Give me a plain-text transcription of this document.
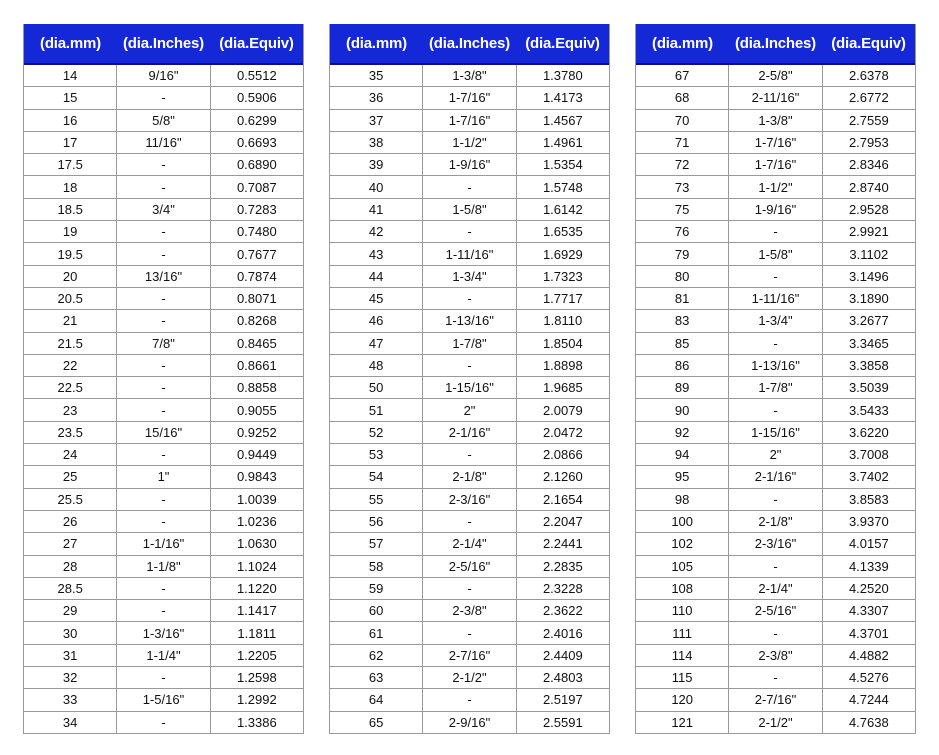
(dia.mm)	(dia.Inches)	(dia.Equiv)
14	9/16"	0.5512
15	-	0.5906
16	5/8"	0.6299
17	11/16"	0.6693
17.5	-	0.6890
18	-	0.7087
18.5	3/4"	0.7283
19	-	0.7480
19.5	-	0.7677
20	13/16"	0.7874
20.5	-	0.8071
21	-	0.8268
21.5	7/8"	0.8465
22	-	0.8661
22.5	-	0.8858
23	-	0.9055
23.5	15/16"	0.9252
24	-	0.9449
25	1"	0.9843
25.5	-	1.0039
26	-	1.0236
27	1-1/16"	1.0630
28	1-1/8"	1.1024
28.5	-	1.1220
29	-	1.1417
30	1-3/16"	1.1811
31	1-1/4"	1.2205
32	-	1.2598
33	1-5/16"	1.2992
34	-	1.3386
(dia.mm)	(dia.Inches)	(dia.Equiv)
35	1-3/8"	1.3780
36	1-7/16"	1.4173
37	1-7/16"	1.4567
38	1-1/2"	1.4961
39	1-9/16"	1.5354
40	-	1.5748
41	1-5/8"	1.6142
42	-	1.6535
43	1-11/16"	1.6929
44	1-3/4"	1.7323
45	-	1.7717
46	1-13/16"	1.8110
47	1-7/8"	1.8504
48	-	1.8898
50	1-15/16"	1.9685
51	2"	2.0079
52	2-1/16"	2.0472
53	-	2.0866
54	2-1/8"	2.1260
55	2-3/16"	2.1654
56	-	2.2047
57	2-1/4"	2.2441
58	2-5/16"	2.2835
59	-	2.3228
60	2-3/8"	2.3622
61	-	2.4016
62	2-7/16"	2.4409
63	2-1/2"	2.4803
64	-	2.5197
65	2-9/16"	2.5591
(dia.mm)	(dia.Inches)	(dia.Equiv)
67	2-5/8"	2.6378
68	2-11/16"	2.6772
70	1-3/8"	2.7559
71	1-7/16"	2.7953
72	1-7/16"	2.8346
73	1-1/2"	2.8740
75	1-9/16"	2.9528
76	-	2.9921
79	1-5/8"	3.1102
80	-	3.1496
81	1-11/16"	3.1890
83	1-3/4"	3.2677
85	-	3.3465
86	1-13/16"	3.3858
89	1-7/8"	3.5039
90	-	3.5433
92	1-15/16"	3.6220
94	2"	3.7008
95	2-1/16"	3.7402
98	-	3.8583
100	2-1/8"	3.9370
102	2-3/16"	4.0157
105	-	4.1339
108	2-1/4"	4.2520
110	2-5/16"	4.3307
111	-	4.3701
114	2-3/8"	4.4882
115	-	4.5276
120	2-7/16"	4.7244
121	2-1/2"	4.7638
